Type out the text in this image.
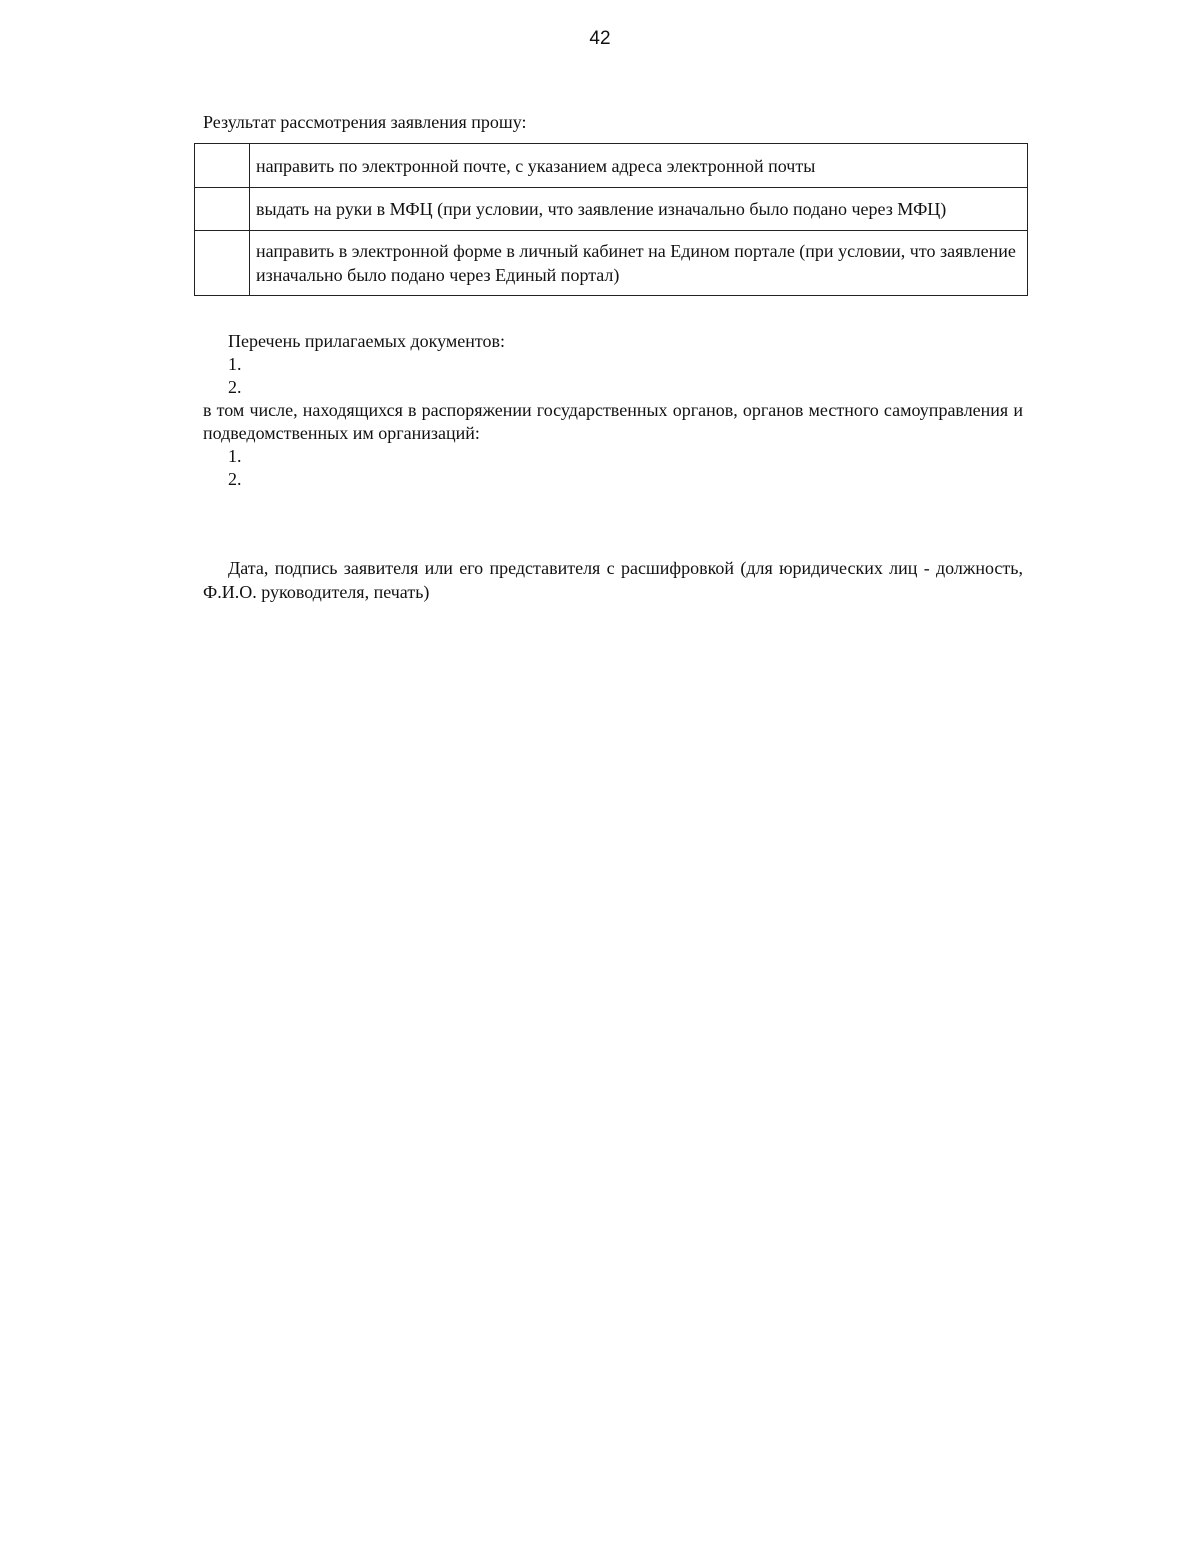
42
Результат рассмотрения заявления прошу:
	направить по электронной почте, с указанием адреса электронной почты
	выдать на руки в МФЦ (при условии, что заявление изначально было подано через МФЦ)
	направить в электронной форме в личный кабинет на Едином портале (при условии, что заявление изначально было подано через Единый портал)
Перечень прилагаемых документов:
1.
2.
в том числе, находящихся в распоряжении государственных органов, органов местного самоуправления и подведомственных им организаций:
1.
2.
Дата, подпись заявителя или его представителя с расшифровкой (для юридических лиц - должность, Ф.И.О. руководителя, печать)
